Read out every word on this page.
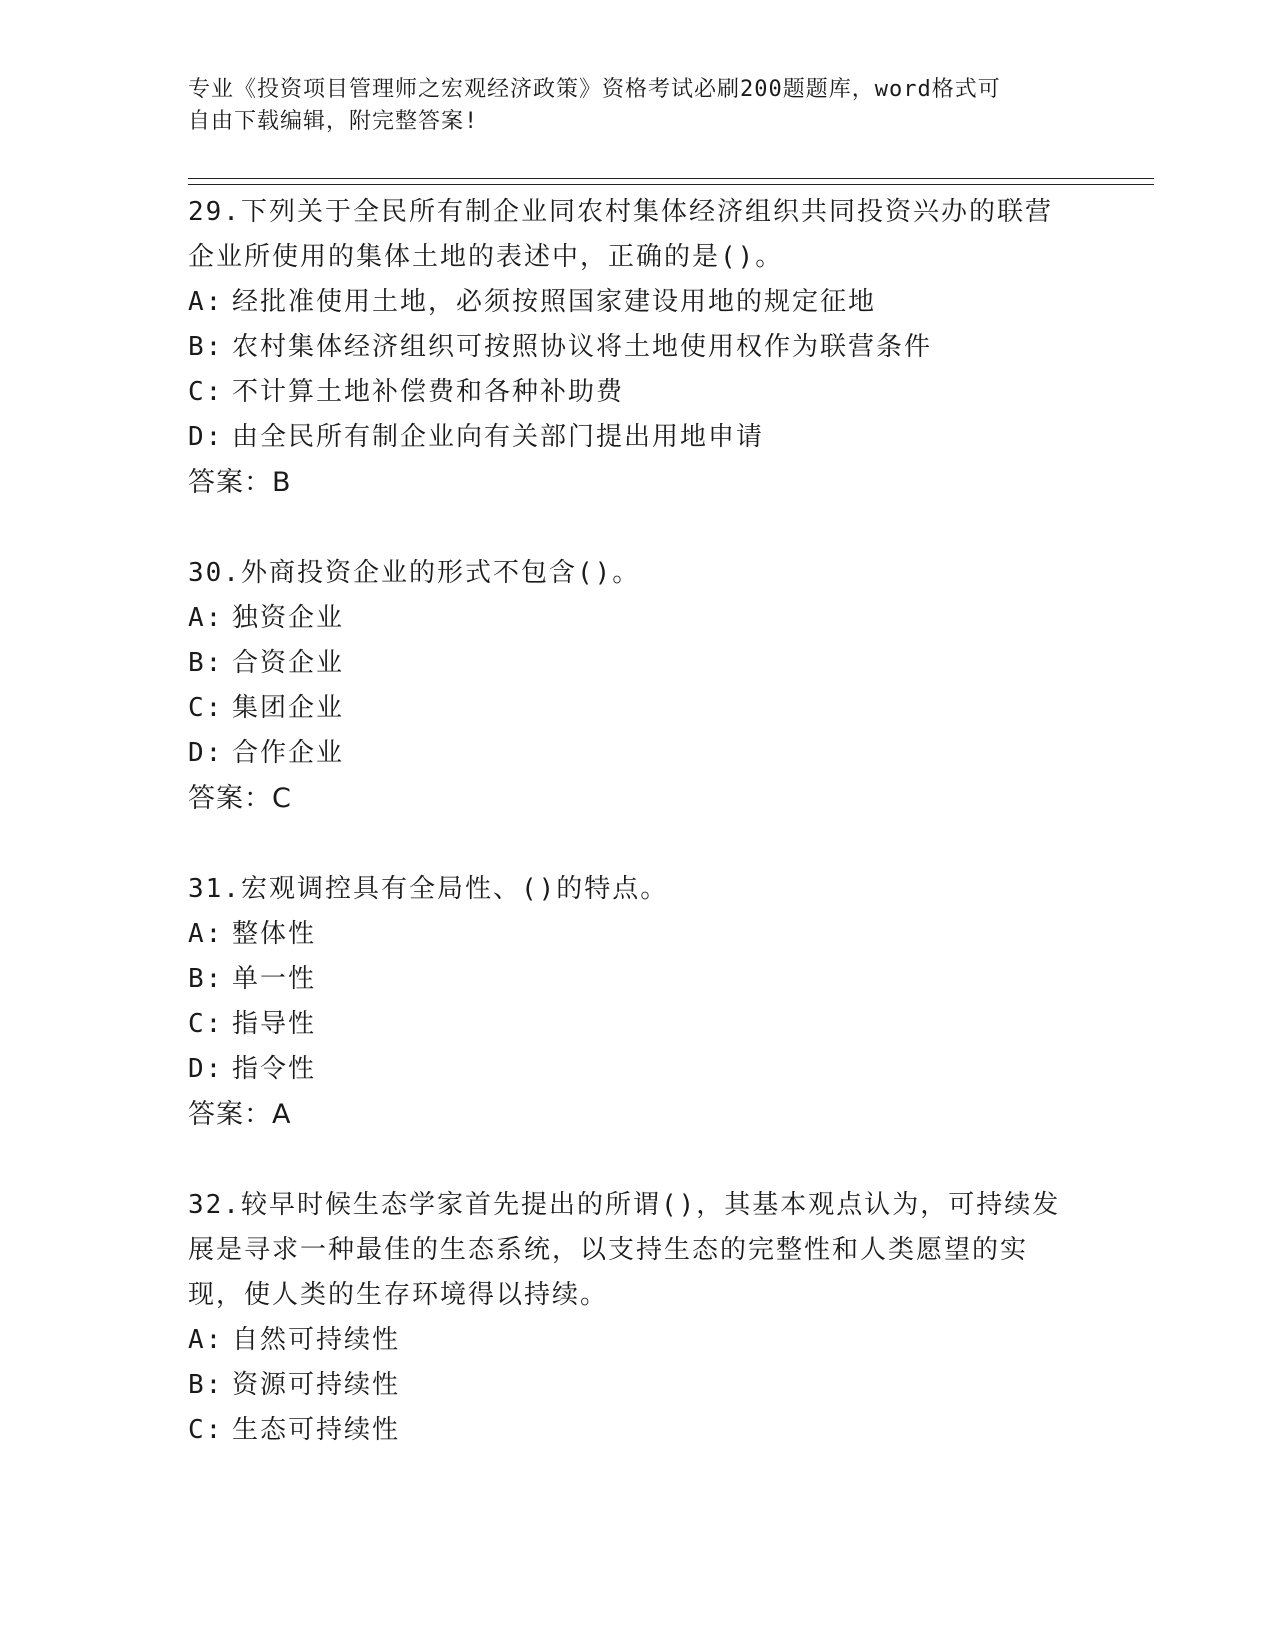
专业《投资项目管理师之宏观经济政策》资格考试必刷200题题库，word格式可
自由下载编辑，附完整答案!
29.下列关于全民所有制企业同农村集体经济组织共同投资兴办的联营
企业所使用的集体土地的表述中，正确的是()。
A: 经批准使用土地，必须按照国家建设用地的规定征地
B: 农村集体经济组织可按照协议将土地使用权作为联营条件
C: 不计算土地补偿费和各种补助费
D: 由全民所有制企业向有关部门提出用地申请
答案：B
30.外商投资企业的形式不包含()。
A: 独资企业
B: 合资企业
C: 集团企业
D: 合作企业
答案：C
31.宏观调控具有全局性、()的特点。
A: 整体性
B: 单一性
C: 指导性
D: 指令性
答案：A
32.较早时候生态学家首先提出的所谓()，其基本观点认为，可持续发
展是寻求一种最佳的生态系统，以支持生态的完整性和人类愿望的实
现，使人类的生存环境得以持续。
A: 自然可持续性
B: 资源可持续性
C: 生态可持续性
